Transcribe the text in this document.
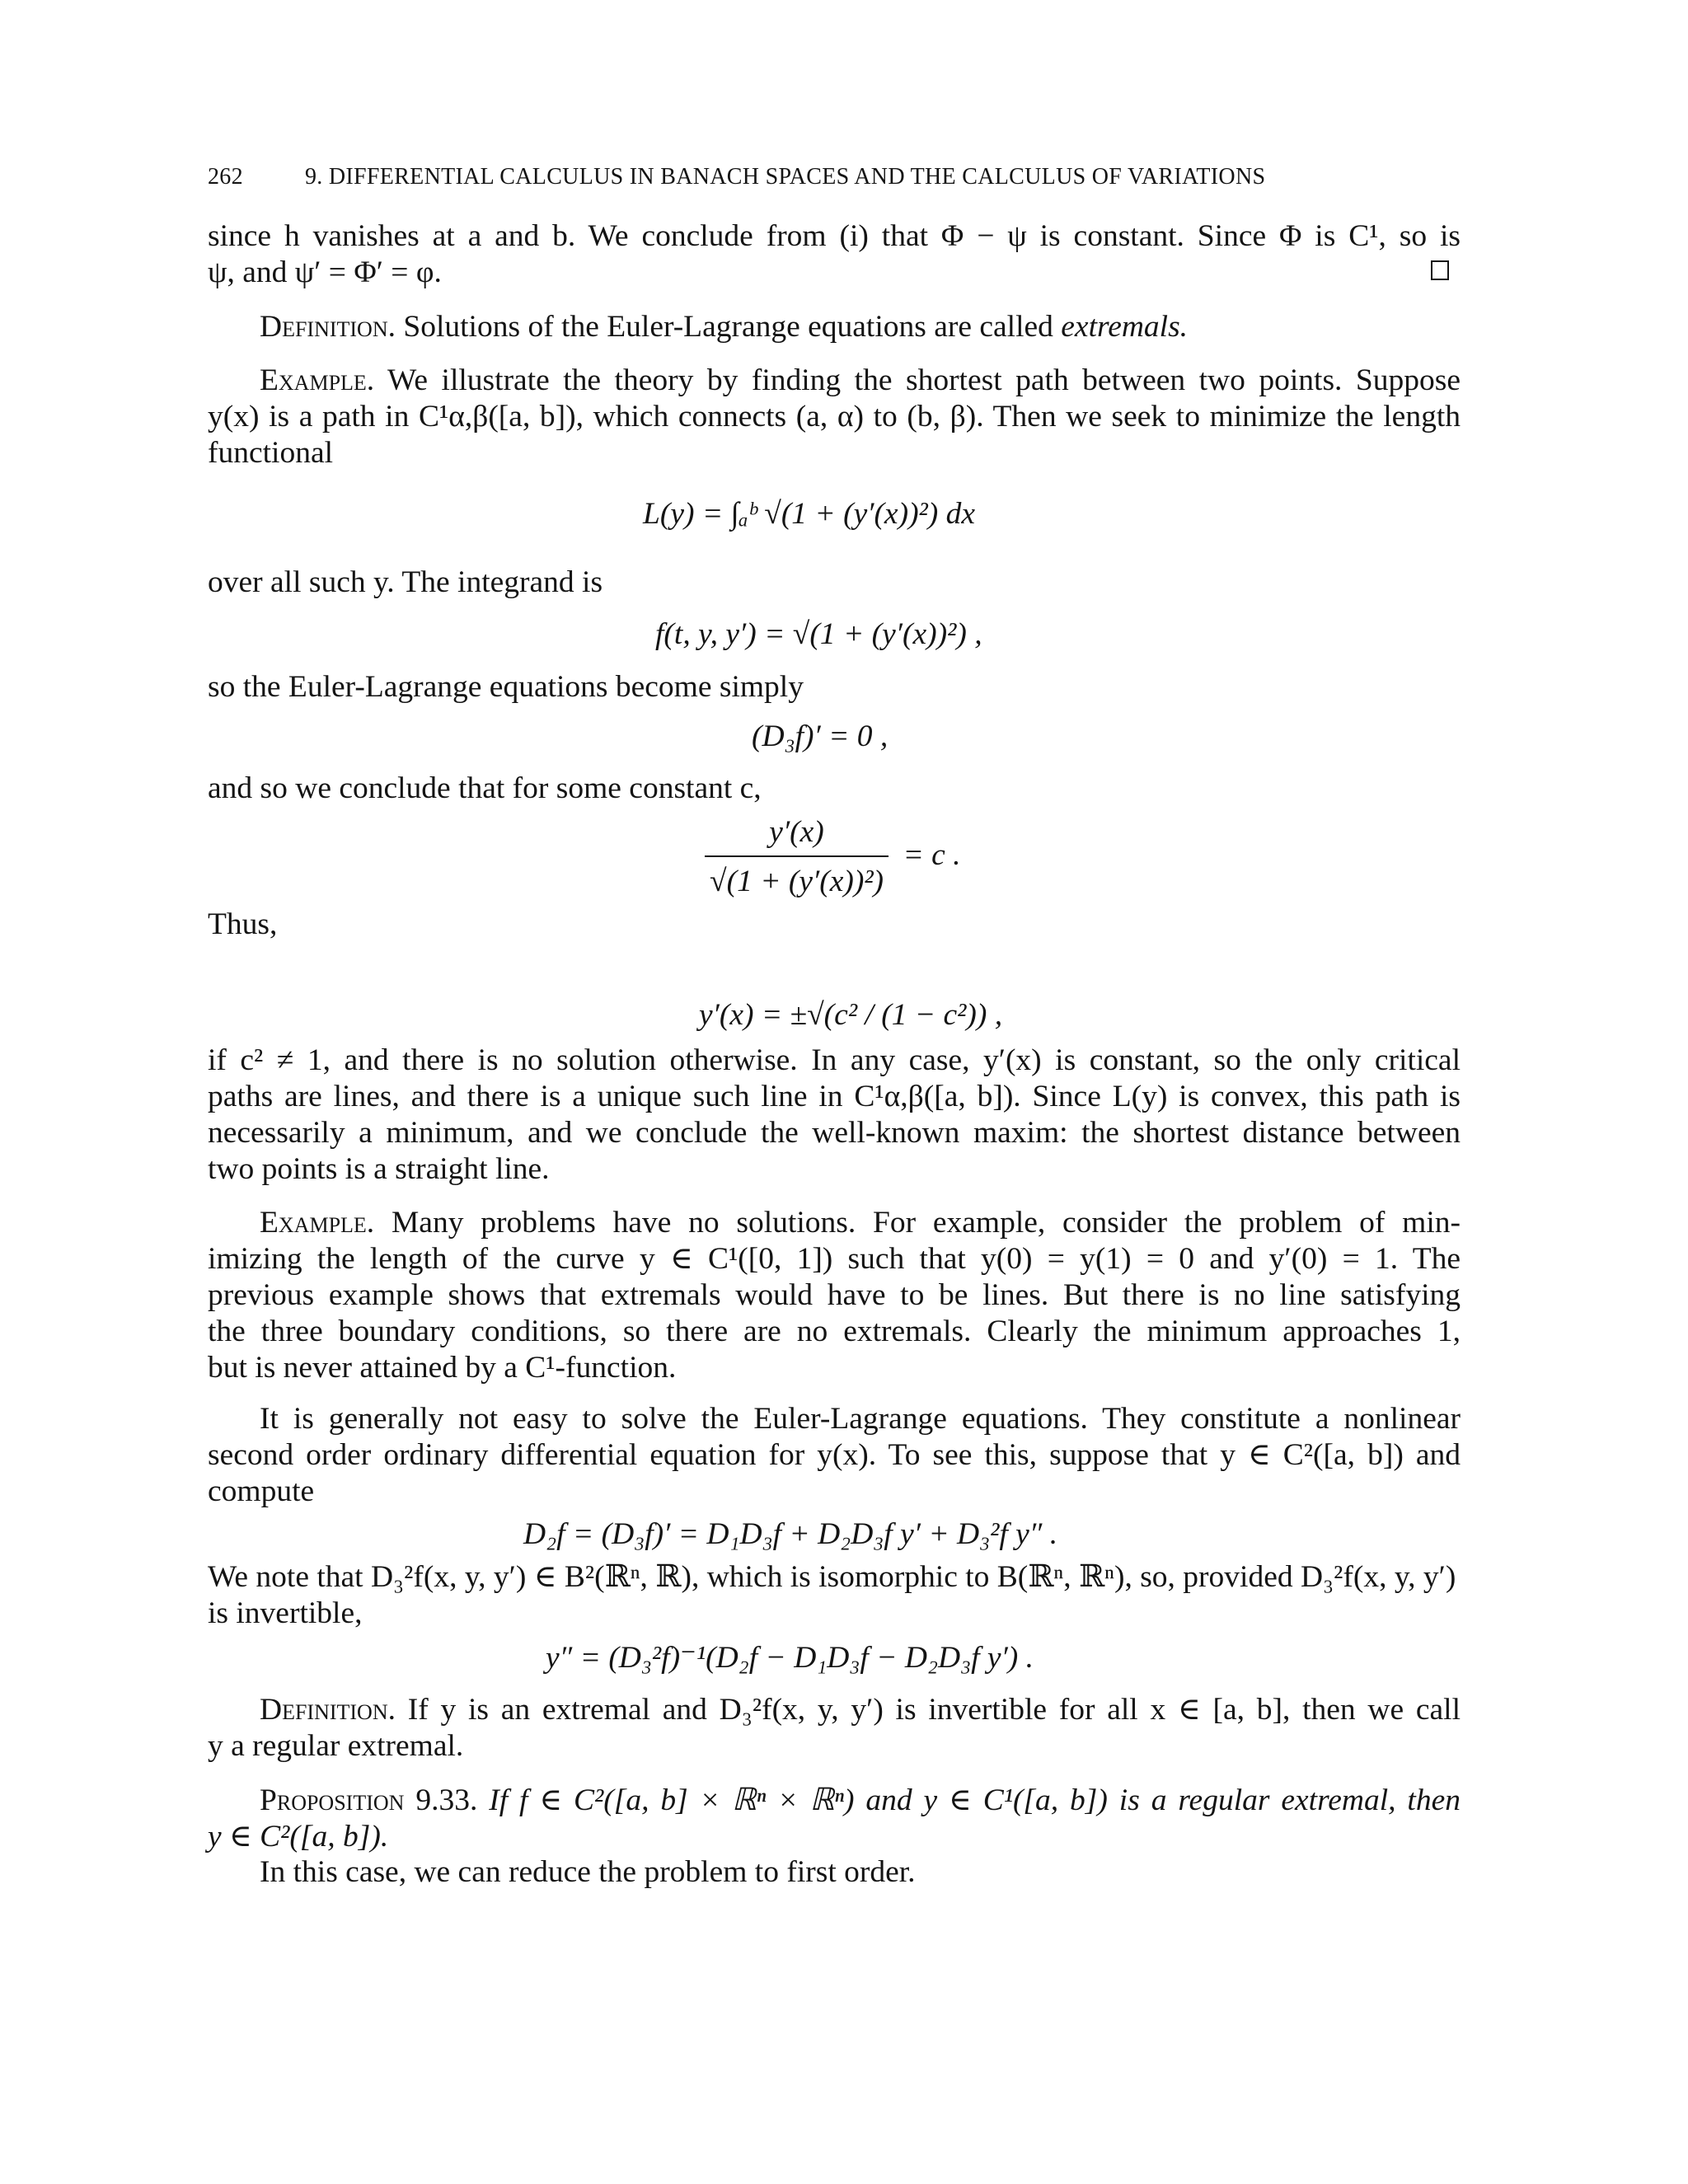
262	9. DIFFERENTIAL CALCULUS IN BANACH SPACES AND THE CALCULUS OF VARIATIONS
since h vanishes at a and b. We conclude from (i) that Φ − ψ is constant. Since Φ is C¹, so is
ψ, and ψ′ = Φ′ = φ.
Definition. Solutions of the Euler-Lagrange equations are called extremals.
Example. We illustrate the theory by finding the shortest path between two points. Suppose
y(x) is a path in C¹α,β([a, b]), which connects (a, α) to (b, β). Then we seek to minimize the length
functional
L(y) = ∫ₐᵇ √(1 + (y′(x))²) dx
over all such y. The integrand is
f(t, y, y′) = √(1 + (y′(x))²) ,
so the Euler-Lagrange equations become simply
(D₃f)′ = 0 ,
and so we conclude that for some constant c,
$\frac{y'(x)}{\text{√(1 + (y′(x))²)}} = c$ .
Thus,
y′(x) = ±√(c² / (1 − c²)) ,
if c² ≠ 1, and there is no solution otherwise. In any case, y′(x) is constant, so the only critical
paths are lines, and there is a unique such line in C¹α,β([a, b]). Since L(y) is convex, this path is
necessarily a minimum, and we conclude the well-known maxim: the shortest distance between
two points is a straight line.
Example. Many problems have no solutions. For example, consider the problem of min-
imizing the length of the curve y ∈ C¹([0, 1]) such that y(0) = y(1) = 0 and y′(0) = 1. The
previous example shows that extremals would have to be lines. But there is no line satisfying
the three boundary conditions, so there are no extremals. Clearly the minimum approaches 1,
but is never attained by a C¹-function.
It is generally not easy to solve the Euler-Lagrange equations. They constitute a nonlinear
second order ordinary differential equation for y(x). To see this, suppose that y ∈ C²([a, b]) and
compute
D₂f = (D₃f)′ = D₁D₃f + D₂D₃f y′ + D₃²f y″ .
We note that D₃²f(x, y, y′) ∈ B²(ℝⁿ, ℝ), which is isomorphic to B(ℝⁿ, ℝⁿ), so, provided D₃²f(x, y, y′)
is invertible,
y″ = (D₃²f)⁻¹(D₂f − D₁D₃f − D₂D₃f y′) .
Definition. If y is an extremal and D₃²f(x, y, y′) is invertible for all x ∈ [a, b], then we call
y a regular extremal.
Proposition 9.33. If f ∈ C²([a, b] × ℝⁿ × ℝⁿ) and y ∈ C¹([a, b]) is a regular extremal, then
y ∈ C²([a, b]).
In this case, we can reduce the problem to first order.
